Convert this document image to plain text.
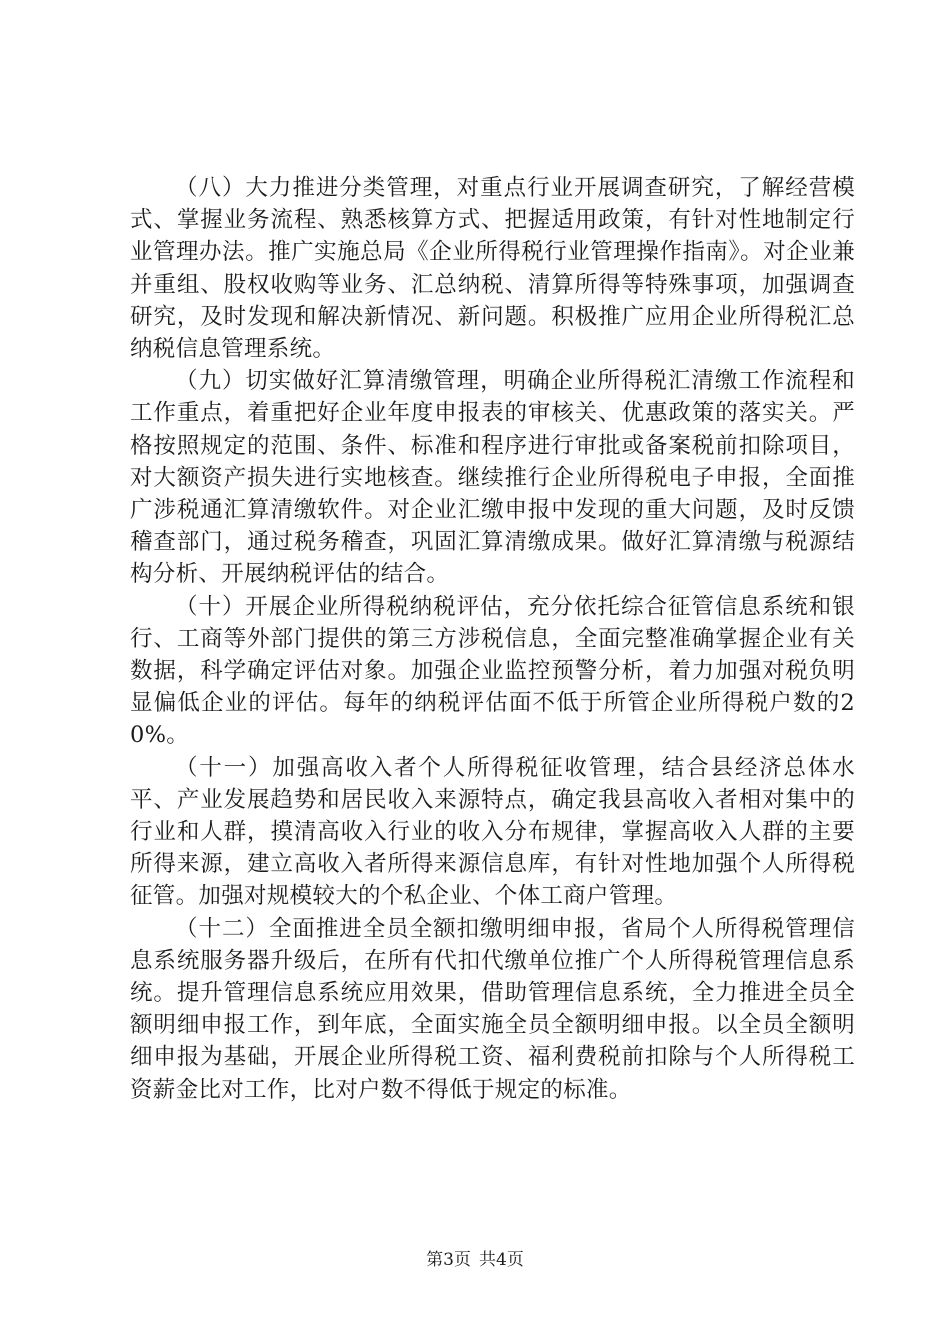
（八）大力推进分类管理，对重点行业开展调查研究，了解经营模式、掌握业务流程、熟悉核算方式、把握适用政策，有针对性地制定行业管理办法。推广实施总局《企业所得税行业管理操作指南》。对企业兼并重组、股权收购等业务、汇总纳税、清算所得等特殊事项，加强调查研究，及时发现和解决新情况、新问题。积极推广应用企业所得税汇总纳税信息管理系统。

（九）切实做好汇算清缴管理，明确企业所得税汇清缴工作流程和工作重点，着重把好企业年度申报表的审核关、优惠政策的落实关。严格按照规定的范围、条件、标准和程序进行审批或备案税前扣除项目，对大额资产损失进行实地核查。继续推行企业所得税电子申报，全面推广涉税通汇算清缴软件。对企业汇缴申报中发现的重大问题，及时反馈稽查部门，通过税务稽查，巩固汇算清缴成果。做好汇算清缴与税源结构分析、开展纳税评估的结合。

（十）开展企业所得税纳税评估，充分依托综合征管信息系统和银行、工商等外部门提供的第三方涉税信息，全面完整准确掌握企业有关数据，科学确定评估对象。加强企业监控预警分析，着力加强对税负明显偏低企业的评估。每年的纳税评估面不低于所管企业所得税户数的20%。

（十一）加强高收入者个人所得税征收管理，结合县经济总体水平、产业发展趋势和居民收入来源特点，确定我县高收入者相对集中的行业和人群，摸清高收入行业的收入分布规律，掌握高收入人群的主要所得来源，建立高收入者所得来源信息库，有针对性地加强个人所得税征管。加强对规模较大的个私企业、个体工商户管理。

（十二）全面推进全员全额扣缴明细申报，省局个人所得税管理信息系统服务器升级后，在所有代扣代缴单位推广个人所得税管理信息系统。提升管理信息系统应用效果，借助管理信息系统，全力推进全员全额明细申报工作，到年底，全面实施全员全额明细申报。以全员全额明细申报为基础，开展企业所得税工资、福利费税前扣除与个人所得税工资薪金比对工作，比对户数不得低于规定的标准。

第3页 共4页
